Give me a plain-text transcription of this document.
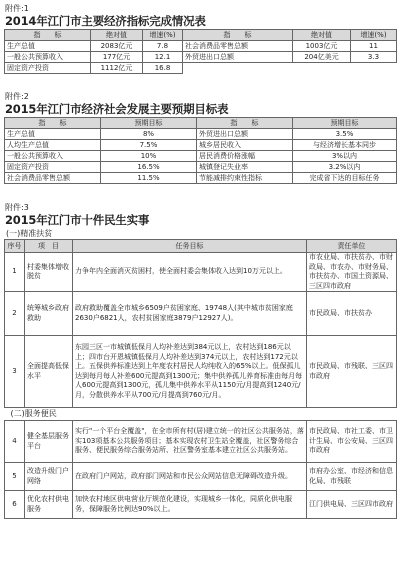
附件:1
2014年江门市主要经济指标完成情况表
指　　标	绝对值	增速(%)	指　　标	绝对值	增速(%)
生产总值	2083亿元	7.8	社会消费品零售总额	1003亿元	11
一般公共预算收入	177亿元	12.1	外贸进出口总额	204亿美元	3.3
固定资产投资	1112亿元	16.8			
附件:2
2015年江门市经济社会发展主要预期目标表
指　　标	预期目标	指　　标	预期目标
生产总值	8%	外贸进出口总额	3.5%
人均生产总值	7.5%	城乡居民收入	与经济增长基本同步
一般公共预算收入	10%	居民消费价格涨幅	3%以内
固定资产投资	16.5%	城镇登记失业率	3.2%以内
社会消费品零售总额	11.5%	节能减排约束性指标	完成省下达的目标任务
附件:3
2015年江门市十件民生实事
(一)精准扶贫
序号	项　目	任务目标	责任单位
1	村委集体增收脱贫	力争年内全面消灭贫困村，使全面村委会集体收入达到10万元以上。	市农业局、市扶贫办、市财政局、市农办、市财务局、市扶贫办、市国土资源局、三区四市政府
2	统筹城乡政府救助	政府救助覆盖全市城乡6509户贫困家庭、19748人(其中城市贫困家庭2630户6821人，农村贫困家庭3879户12927人)。	市民政局、市扶贫办
3	全面提高低保水平	东园三区一市城镇低保月人均补差达到384元以上，农村达到186元以上；四市台开恩城镇低保月人均补差达到374元以上，农村达到172元以上。五保供养标准达到上年度农村居民人均纯收入的65%以上。低保孤儿达到每月每人补差600元提高到1300元；集中供养孤儿养育标准由每月每人600元提高到1300元，孤儿集中供养水平从1150元/月提高到1240元/月，分散供养水平从700元/月提高到760元/月。	市民政局、市残联、三区四市政府
(二)服务便民			
4	健全基层服务平台	实行"一个平台全覆盖"，在全市所有村(居)建立统一的社区公共服务站，落实103项基本公共服务项目；基本实现农村卫生站全覆盖，社区警务综合服务、便民服务综合服务站所、社区警务室基本建立社区公共服务站。	市民政局、市社工委、市卫计生局、市公安局、三区四市政府
5	改造升级门户网络	在政府门户网站，政府部门网站和市民公众网站信息无障碍改造升级。	市府办公室、市经济和信息化局、市残联
6	优化农村供电服务	加快农村地区供电营业厅规范化建设，实现城乡一体化，同质化供电服务，保障服务比例达90%以上。	江门供电局、三区四市政府
